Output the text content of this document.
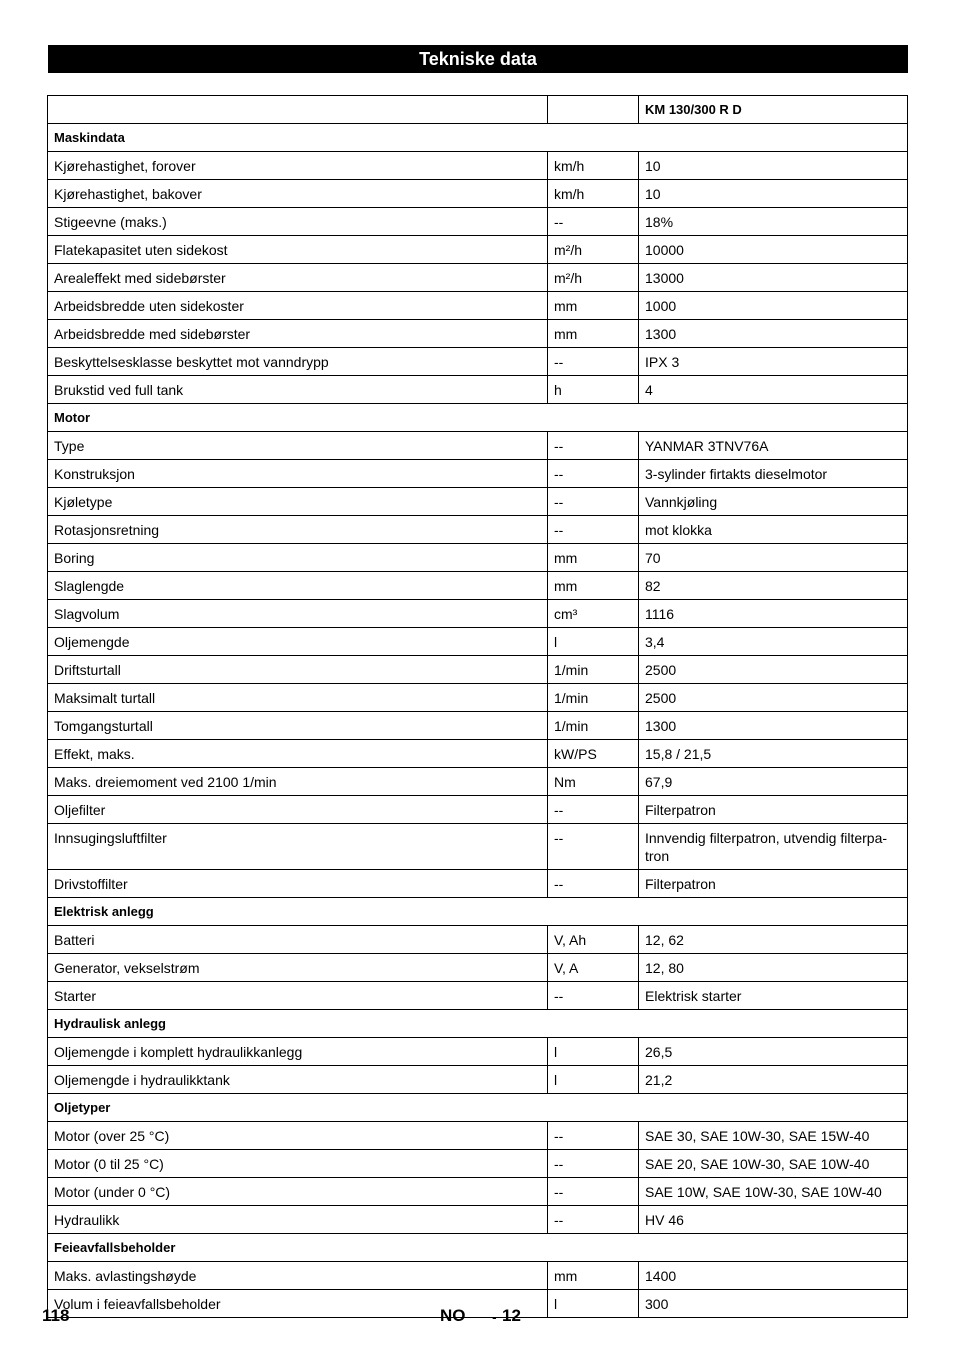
Tekniske data
		KM 130/300 R D
Maskindata		
Kjørehastighet, forover	km/h	10
Kjørehastighet, bakover	km/h	10
Stigeevne (maks.)	--	18%
Flatekapasitet uten sidekost	m²/h	10000
Arealeffekt med sidebørster	m²/h	13000
Arbeidsbredde uten sidekoster	mm	1000
Arbeidsbredde med sidebørster	mm	1300
Beskyttelsesklasse beskyttet mot vanndrypp	--	IPX 3
Brukstid ved full tank	h	4
Motor		
Type	--	YANMAR 3TNV76A
Konstruksjon	--	3-sylinder firtakts dieselmotor
Kjøletype	--	Vannkjøling
Rotasjonsretning	--	mot klokka
Boring	mm	70
Slaglengde	mm	82
Slagvolum	cm³	1116
Oljemengde	l	3,4
Driftsturtall	1/min	2500
Maksimalt turtall	1/min	2500
Tomgangsturtall	1/min	1300
Effekt, maks.	kW/PS	15,8 / 21,5
Maks. dreiemoment ved 2100 1/min	Nm	67,9
Oljefilter	--	Filterpatron
Innsugingsluftfilter	--	Innvendig filterpatron, utvendig filterpa-tron
Drivstoffilter	--	Filterpatron
Elektrisk anlegg		
Batteri	V, Ah	12, 62
Generator, vekselstrøm	V, A	12, 80
Starter	--	Elektrisk starter
Hydraulisk anlegg		
Oljemengde i komplett hydraulikkanlegg	l	26,5
Oljemengde i hydraulikktank	l	21,2
Oljetyper		
Motor (over 25 °C)	--	SAE 30, SAE 10W-30, SAE 15W-40
Motor (0 til 25 °C)	--	SAE 20, SAE 10W-30, SAE 10W-40
Motor (under 0 °C)	--	SAE 10W, SAE 10W-30, SAE 10W-40
Hydraulikk	--	HV 46
Feieavfallsbeholder		
Maks. avlastingshøyde	mm	1400
Volum i feieavfallsbeholder	l	300
118	NO - 12
